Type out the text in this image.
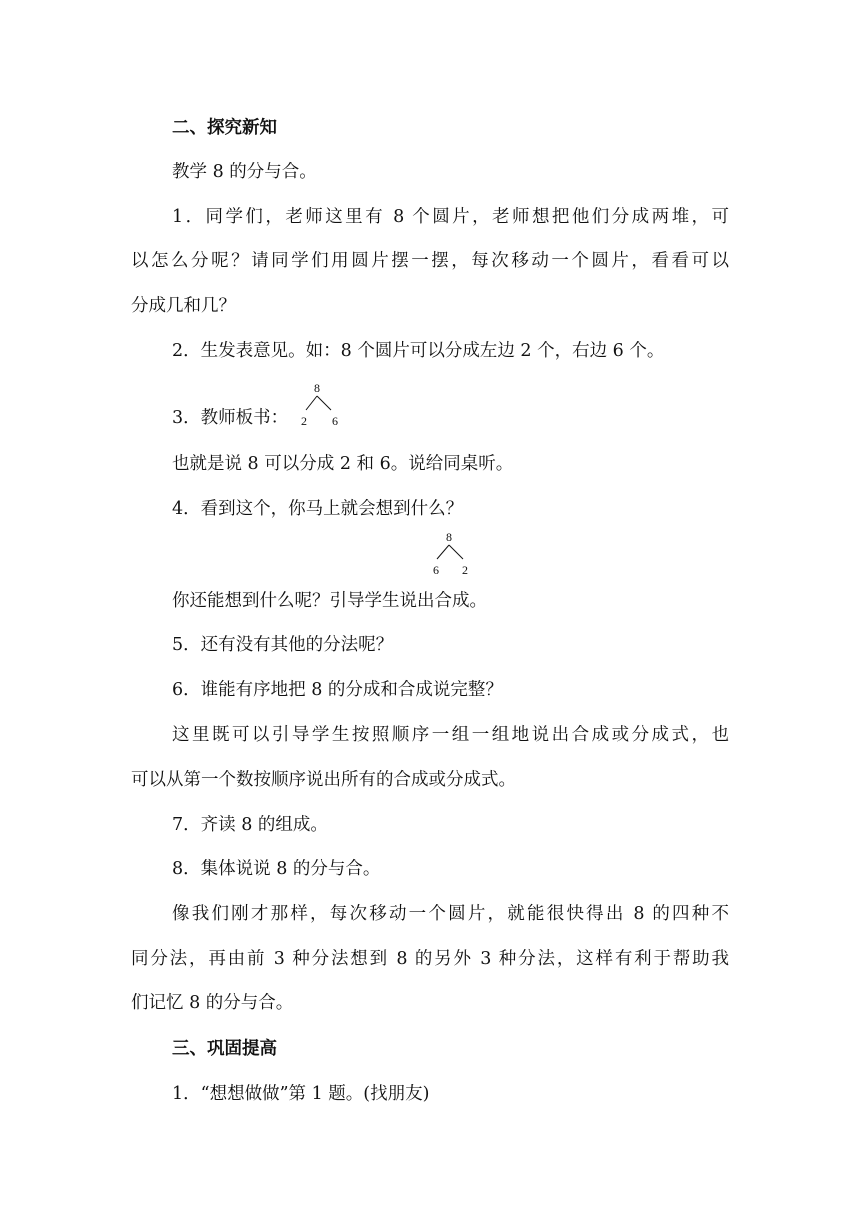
二、探究新知
教学 8 的分与合。
1．同学们，老师这里有 8 个圆片，老师想把他们分成两堆，可
以怎么分呢？请同学们用圆片摆一摆，每次移动一个圆片，看看可以
分成几和几？
2．生发表意见。如：8 个圆片可以分成左边 2 个，右边 6 个。
3．教师板书：
8
2 6
也就是说 8 可以分成 2 和 6。说给同桌听。
4．看到这个，你马上就会想到什么？
8
6 2
你还能想到什么呢？引导学生说出合成。
5．还有没有其他的分法呢？
6．谁能有序地把 8 的分成和合成说完整？
这里既可以引导学生按照顺序一组一组地说出合成或分成式，也
可以从第一个数按顺序说出所有的合成或分成式。
7．齐读 8 的组成。
8．集体说说 8 的分与合。
像我们刚才那样，每次移动一个圆片，就能很快得出 8 的四种不
同分法，再由前 3 种分法想到 8 的另外 3 种分法，这样有利于帮助我
们记忆 8 的分与合。
三、巩固提高
1．“想想做做”第 1 题。(找朋友)
